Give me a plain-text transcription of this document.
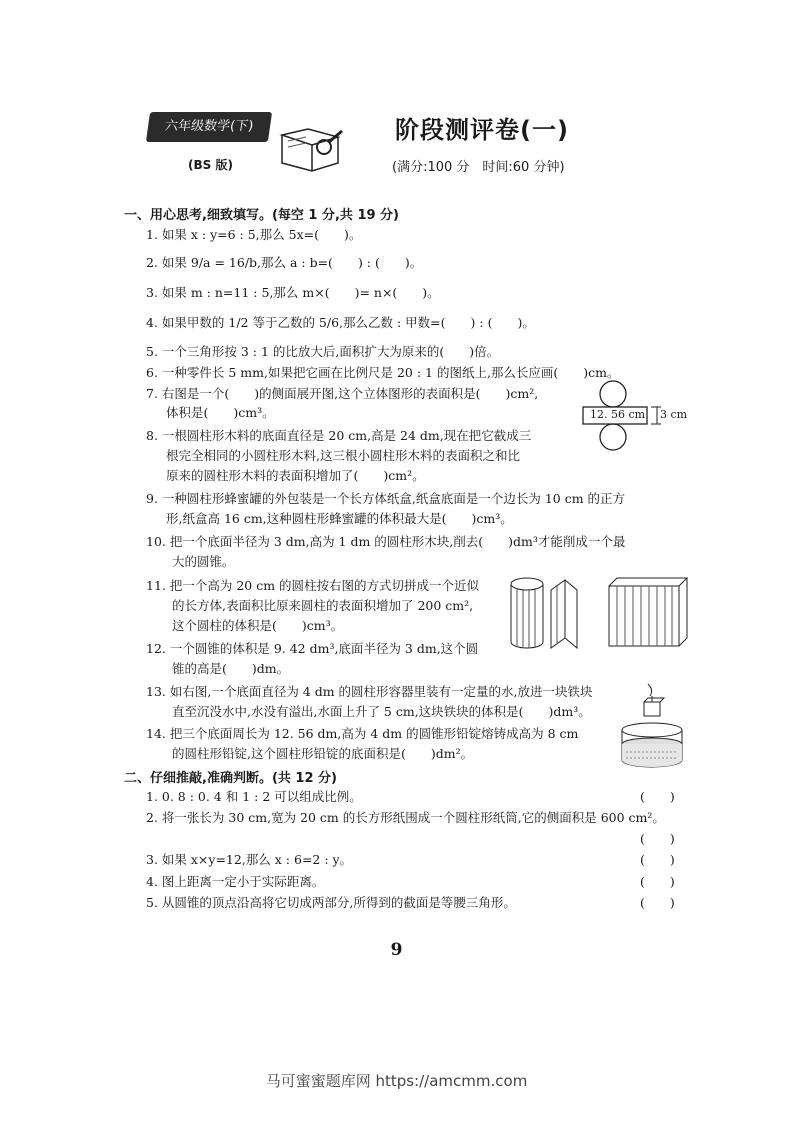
六年级数学(下)
(BS 版)
阶段测评卷(一)
(满分:100 分　时间:60 分钟)
一、用心思考,细致填写。(每空 1 分,共 19 分)
1. 如果 x : y=6 : 5,那么 5x=(　　)。
2. 如果 9/a = 16/b,那么 a : b=(　　) : (　　)。
3. 如果 m : n=11 : 5,那么 m×(　　)= n×(　　)。
4. 如果甲数的 1/2 等于乙数的 5/6,那么乙数 : 甲数=(　　) : (　　)。
5. 一个三角形按 3 : 1 的比放大后,面积扩大为原来的(　　)倍。
6. 一种零件长 5 mm,如果把它画在比例尺是 20 : 1 的图纸上,那么长应画(　　)cm。
7. 右图是一个(　　)的侧面展开图,这个立体图形的表面积是(　　)cm²,
体积是(　　)cm³。	12. 56 cm 3 cm
8. 一根圆柱形木料的底面直径是 20 cm,高是 24 dm,现在把它截成三
根完全相同的小圆柱形木料,这三根小圆柱形木料的表面积之和比
原来的圆柱形木料的表面积增加了(　　)cm²。
9. 一种圆柱形蜂蜜罐的外包装是一个长方体纸盒,纸盒底面是一个边长为 10 cm 的正方
形,纸盒高 16 cm,这种圆柱形蜂蜜罐的体积最大是(　　)cm³。
10. 把一个底面半径为 3 dm,高为 1 dm 的圆柱形木块,削去(　　)dm³才能削成一个最
大的圆锥。
11. 把一个高为 20 cm 的圆柱按右图的方式切拼成一个近似
的长方体,表面积比原来圆柱的表面积增加了 200 cm²,
这个圆柱的体积是(　　)cm³。
12. 一个圆锥的体积是 9. 42 dm³,底面半径为 3 dm,这个圆
锥的高是(　　)dm。
13. 如右图,一个底面直径为 4 dm 的圆柱形容器里装有一定量的水,放进一块铁块
直至沉没水中,水没有溢出,水面上升了 5 cm,这块铁块的体积是(　　)dm³。
14. 把三个底面周长为 12. 56 dm,高为 4 dm 的圆锥形铅锭熔铸成高为 8 cm
的圆柱形铅锭,这个圆柱形铅锭的底面积是(　　)dm²。
二、仔细推敲,准确判断。(共 12 分)
1. 0. 8 : 0. 4 和 1 : 2 可以组成比例。	(　　)
2. 将一张长为 30 cm,宽为 20 cm 的长方形纸围成一个圆柱形纸筒,它的侧面积是 600 cm²。
(　　)
3. 如果 x×y=12,那么 x : 6=2 : y。	(　　)
4. 图上距离一定小于实际距离。	(　　)
5. 从圆锥的顶点沿高将它切成两部分,所得到的截面是等腰三角形。	(　　)
9
马可蜜蜜题库网 https://amcmm.com
